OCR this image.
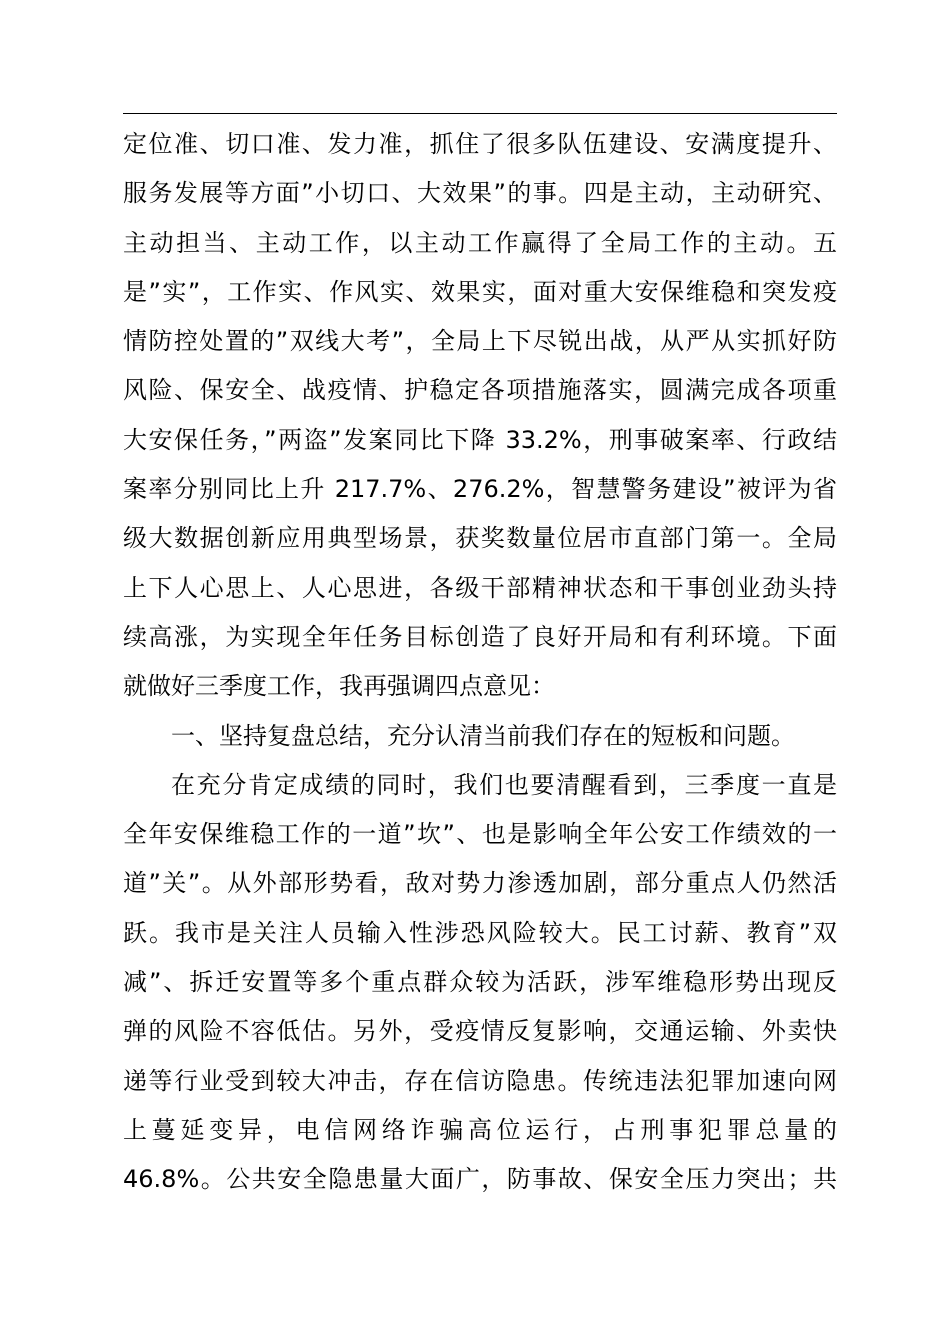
定位准、切口准、发力准，抓住了很多队伍建设、安满度提升、
服务发展等方面”小切口、大效果”的事。四是主动，主动研究、
主动担当、主动工作，以主动工作赢得了全局工作的主动。五
是”实”，工作实、作风实、效果实，面对重大安保维稳和突发疫
情防控处置的”双线大考”，全局上下尽锐出战，从严从实抓好防
风险、保安全、战疫情、护稳定各项措施落实，圆满完成各项重
大安保任务，”两盗”发案同比下降 33.2%，刑事破案率、行政结
案率分别同比上升 217.7%、276.2%，智慧警务建设”被评为省
级大数据创新应用典型场景，获奖数量位居市直部门第一。全局
上下人心思上、人心思进，各级干部精神状态和干事创业劲头持
续高涨，为实现全年任务目标创造了良好开局和有利环境。下面
就做好三季度工作，我再强调四点意见：
一、坚持复盘总结，充分认清当前我们存在的短板和问题。
在充分肯定成绩的同时，我们也要清醒看到，三季度一直是
全年安保维稳工作的一道”坎”、也是影响全年公安工作绩效的一
道”关”。从外部形势看，敌对势力渗透加剧，部分重点人仍然活
跃。我市是关注人员输入性涉恐风险较大。民工讨薪、教育”双
减”、拆迁安置等多个重点群众较为活跃，涉军维稳形势出现反
弹的风险不容低估。另外，受疫情反复影响，交通运输、外卖快
递等行业受到较大冲击，存在信访隐患。传统违法犯罪加速向网
上蔓延变异，电信网络诈骗高位运行，占刑事犯罪总量的
46.8%。公共安全隐患量大面广，防事故、保安全压力突出；共
